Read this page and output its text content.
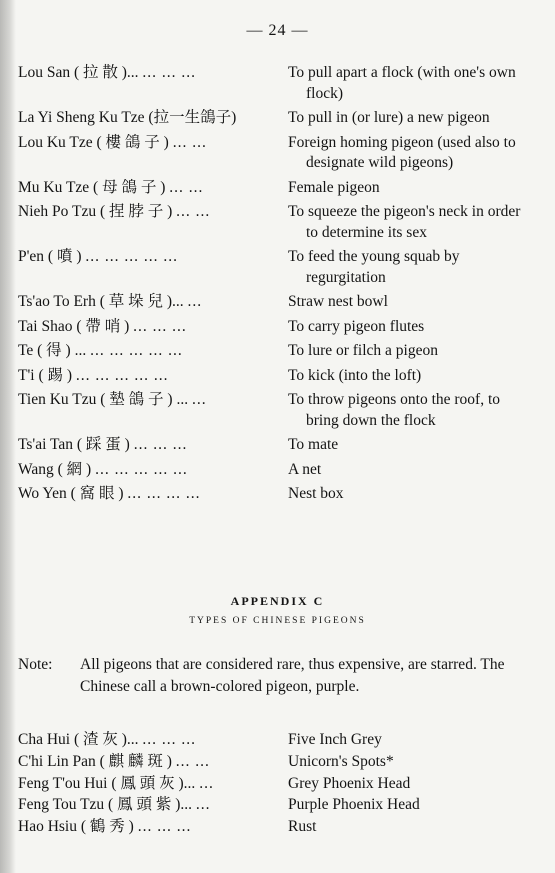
— 24 —
Lou San ( 拉 散 )... ... ... ...	To pull apart a flock (with one's own flock)
La Yi Sheng Ku Tze (拉一生鴿子)	To pull in (or lure) a new pigeon
Lou Ku Tze ( 樓 鴿 子 ) ... ...	Foreign homing pigeon (used also to designate wild pigeons)
Mu Ku Tze ( 母 鴿 子 ) ... ...	Female pigeon
Nieh Po Tzu ( 捏 脖 子 ) ... ...	To squeeze the pigeon's neck in order to determine its sex
P'en ( 噴 ) ... ... ... ... ...	To feed the young squab by regurgitation
Ts'ao To Erh ( 草 垛 兒 )... ...	Straw nest bowl
Tai Shao ( 帶 哨 ) ... ... ...	To carry pigeon flutes
Te ( 得 ) ... ... ... ... ... ...	To lure or filch a pigeon
T'i ( 踢 ) ... ... ... ... ...	To kick (into the loft)
Tien Ku Tzu ( 墊 鴿 子 ) ... ...	To throw pigeons onto the roof, to bring down the flock
Ts'ai Tan ( 踩 蛋 ) ... ... ...	To mate
Wang ( 網 ) ... ... ... ... ...	A net
Wo Yen ( 窩 眼 ) ... ... ... ...	Nest box
APPENDIX C
TYPES OF CHINESE PIGEONS
Note: All pigeons that are considered rare, thus expensive, are starred. The Chinese call a brown-colored pigeon, purple.
Cha Hui ( 渣 灰 )... ... ... ...	Five Inch Grey
C'hi Lin Pan ( 麒 麟 斑 ) ... ...	Unicorn's Spots*
Feng T'ou Hui ( 鳳 頭 灰 )... ...	Grey Phoenix Head
Feng Tou Tzu ( 鳳 頭 紫 )... ...	Purple Phoenix Head
Hao Hsiu ( 鶴 秀 ) ... ... ...	Rust
